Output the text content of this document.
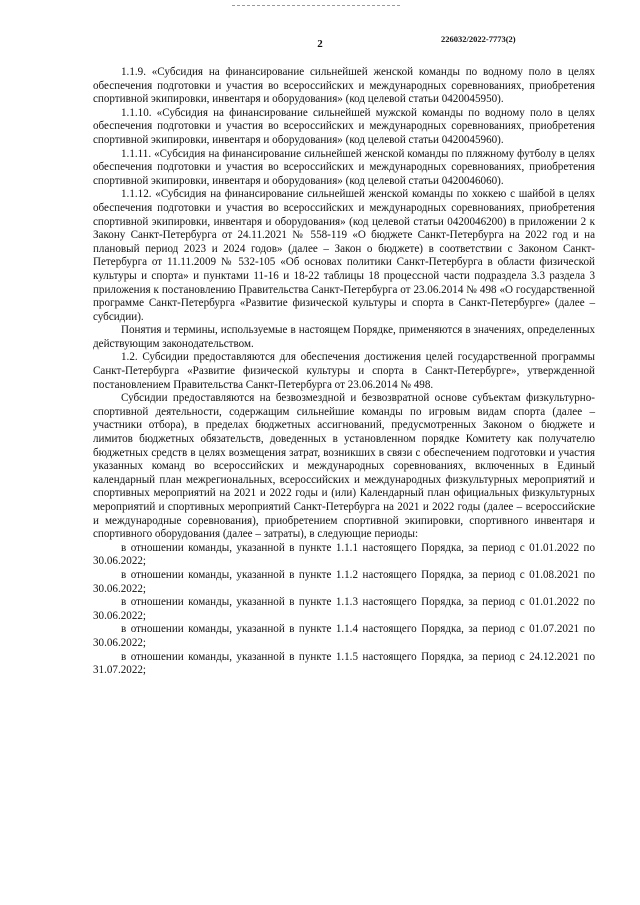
2	226032/2022-7773(2)

1.1.9. «Субсидия на финансирование сильнейшей женской команды по водному поло в целях обеспечения подготовки и участия во всероссийских и международных соревнованиях, приобретения спортивной экипировки, инвентаря и оборудования» (код целевой статьи 0420045950).

1.1.10. «Субсидия на финансирование сильнейшей мужской команды по водному поло в целях обеспечения подготовки и участия во всероссийских и международных соревнованиях, приобретения спортивной экипировки, инвентаря и оборудования» (код целевой статьи 0420045960).

1.1.11. «Субсидия на финансирование сильнейшей женской команды по пляжному футболу в целях обеспечения подготовки и участия во всероссийских и международных соревнованиях, приобретения спортивной экипировки, инвентаря и оборудования» (код целевой статьи 0420046060).

1.1.12. «Субсидия на финансирование сильнейшей женской команды по хоккею с шайбой в целях обеспечения подготовки и участия во всероссийских и международных соревнованиях, приобретения спортивной экипировки, инвентаря и оборудования» (код целевой статьи 0420046200) в приложении 2 к Закону Санкт-Петербурга от 24.11.2021 № 558-119 «О бюджете Санкт-Петербурга на 2022 год и на плановый период 2023 и 2024 годов» (далее – Закон о бюджете) в соответствии с Законом Санкт-Петербурга от 11.11.2009 № 532-105 «Об основах политики Санкт-Петербурга в области физической культуры и спорта» и пунктами 11-16 и 18-22 таблицы 18 процессной части подраздела 3.3 раздела 3 приложения к постановлению Правительства Санкт-Петербурга от 23.06.2014 № 498 «О государственной программе Санкт-Петербурга «Развитие физической культуры и спорта в Санкт-Петербурге» (далее – субсидии).

Понятия и термины, используемые в настоящем Порядке, применяются в значениях, определенных действующим законодательством.

1.2. Субсидии предоставляются для обеспечения достижения целей государственной программы Санкт-Петербурга «Развитие физической культуры и спорта в Санкт-Петербурге», утвержденной постановлением Правительства Санкт-Петербурга от 23.06.2014 № 498.

Субсидии предоставляются на безвозмездной и безвозвратной основе субъектам физкультурно-спортивной деятельности, содержащим сильнейшие команды по игровым видам спорта (далее – участники отбора), в пределах бюджетных ассигнований, предусмотренных Законом о бюджете и лимитов бюджетных обязательств, доведенных в установленном порядке Комитету как получателю бюджетных средств в целях возмещения затрат, возникших в связи с обеспечением подготовки и участия указанных команд во всероссийских и международных соревнованиях, включенных в Единый календарный план межрегиональных, всероссийских и международных физкультурных мероприятий и спортивных мероприятий на 2021 и 2022 годы и (или) Календарный план официальных физкультурных мероприятий и спортивных мероприятий Санкт-Петербурга на 2021 и 2022 годы (далее – всероссийские и международные соревнования), приобретением спортивной экипировки, спортивного инвентаря и спортивного оборудования (далее – затраты), в следующие периоды:

в отношении команды, указанной в пункте 1.1.1 настоящего Порядка, за период с 01.01.2022 по 30.06.2022;
в отношении команды, указанной в пункте 1.1.2 настоящего Порядка, за период с 01.08.2021 по 30.06.2022;
в отношении команды, указанной в пункте 1.1.3 настоящего Порядка, за период с 01.01.2022 по 30.06.2022;
в отношении команды, указанной в пункте 1.1.4 настоящего Порядка, за период с 01.07.2021 по 30.06.2022;
в отношении команды, указанной в пункте 1.1.5 настоящего Порядка, за период с 24.12.2021 по 31.07.2022;
